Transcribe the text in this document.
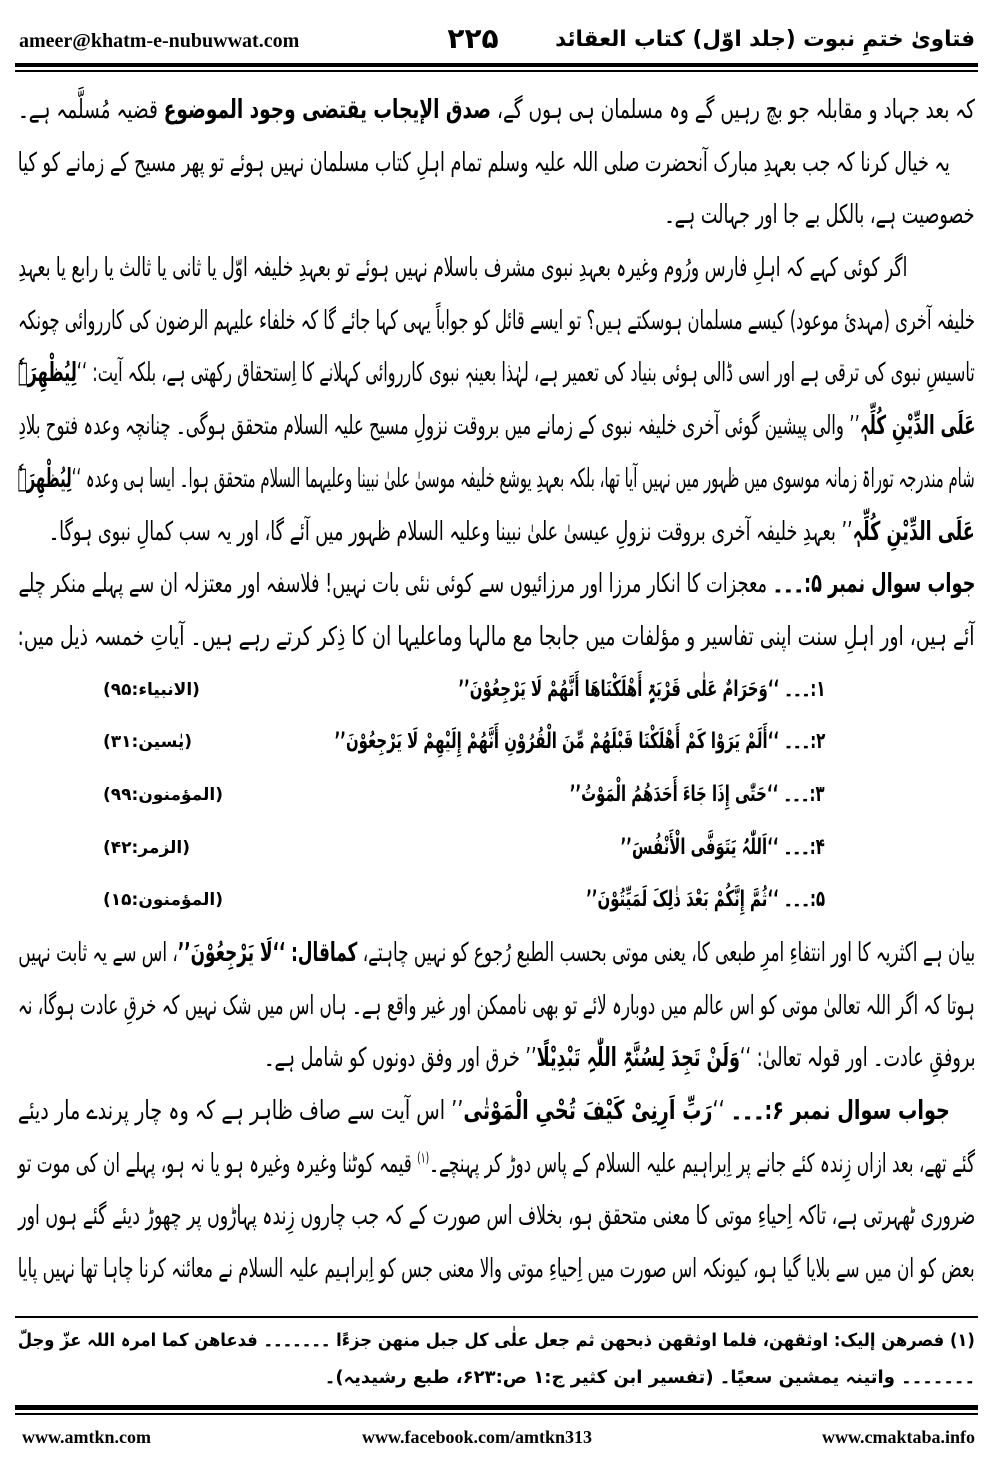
ameer@khatm-e-nubuwwat.com	۲۲۵	فتاویٰ ختمِ نبوت (جلد اوّل) کتاب العقائد
کہ بعد جہاد و مقابلہ جو بچ رہیں گے وہ مسلمان ہی ہوں گے، صدق الإیجاب یقتضی وجود الموضوع قضیہ مُسلَّمہ ہے۔
یہ خیال کرنا کہ جب بعہدِ مبارک آنحضرت صلی اللہ علیہ وسلم تمام اہلِ کتاب مسلمان نہیں ہوئے تو پھر مسیح کے زمانے کو کیا
خصوصیت ہے، بالکل بے جا اور جہالت ہے۔
اگر کوئی کہے کہ اہلِ فارس ورُوم وغیرہ بعہدِ نبوی مشرف باسلام نہیں ہوئے تو بعہدِ خلیفہ اوّل یا ثانی یا ثالث یا رابع یا بعہدِ
خلیفہ آخری (مہدیٔ موعود) کیسے مسلمان ہوسکتے ہیں؟ تو ایسے قائل کو جواباً یہی کہا جائے گا کہ خلفاء علیہم الرضون کی کارروائی چونکہ
تاسیسِ نبوی کی ترقی ہے اور اسی ڈالی ہوئی بنیاد کی تعمیر ہے، لہٰذا بعینہٖ نبوی کارروائی کہلانے کا اِستحقاق رکھتی ہے، بلکہ آیت: ‘‘لِیُظْھِرَہٗ
عَلَی الدِّیْنِ کُلِّہٖ’’ والی پیشین گوئی آخری خلیفہ نبوی کے زمانے میں بروقت نزولِ مسیح علیہ السلام متحقق ہوگی۔ چنانچہ وعدہ فتوح بلادِ
شام مندرجہ توراۃ زمانہ موسوی میں ظہور میں نہیں آیا تھا، بلکہ بعہدِ یوشع خلیفہ موسیٰ علیٰ نبینا وعلیہما السلام متحقق ہوا۔ ایسا ہی وعدہ ‘‘لِیُظْھِرَہٗ
عَلَی الدِّیْنِ کُلِّہٖ’’ بعہدِ خلیفہ آخری بروقت نزولِ عیسیٰ علیٰ نبینا وعلیہ السلام ظہور میں آئے گا، اور یہ سب کمالِ نبوی ہوگا۔
جواب سوال نمبر ۵:۔۔۔ معجزات کا انکار مرزا اور مرزائیوں سے کوئی نئی بات نہیں! فلاسفہ اور معتزلہ ان سے پہلے منکر چلے
آئے ہیں، اور اہلِ سنت اپنی تفاسیر و مؤلفات میں جابجا مع مالہا وماعلیہا ان کا ذِکر کرتے رہے ہیں۔ آیاتِ خمسہ ذیل میں:
۱:۔۔۔ ‘‘وَحَرَامٌ عَلٰی قَرْیَۃٍ أَھْلَکْنَاھَا أَنَّھُمْ لَا یَرْجِعُوْنَ’’
(الانبیاء:۹۵)
۲:۔۔۔ ‘‘أَلَمْ یَرَوْا کَمْ أَھْلَکْنَا قَبْلَھُمْ مِّنَ الْقُرُوْنِ أَنَّھُمْ إِلَیْھِمْ لَا یَرْجِعُوْنَ’’
(یٰسین:۳۱)
۳:۔۔۔ ‘‘حَتّٰی إِذَا جَاءَ أَحَدَھُمُ الْمَوْتُ’’
(المؤمنون:۹۹)
۴:۔۔۔ ‘‘اَللّٰہُ یَتَوَفَّی الْأَنْفُسَ’’
(الزمر:۴۲)
۵:۔۔۔ ‘‘ثُمَّ إِنَّکُمْ بَعْدَ ذٰلِکَ لَمَیِّتُوْنَ’’
(المؤمنون:۱۵)
بیان ہے اکثریہ کا اور انتفاءِ امرِ طبعی کا، یعنی موتی بحسب الطبع رُجوع کو نہیں چاہتے، کماقال: ‘‘لَا یَرْجِعُوْنَ’’، اس سے یہ ثابت نہیں
ہوتا کہ اگر اللہ تعالیٰ موتی کو اس عالم میں دوبارہ لائے تو بھی ناممکن اور غیر واقع ہے۔ ہاں اس میں شک نہیں کہ خرقِ عادت ہوگا، نہ
بروفقِ عادت۔ اور قولہ تعالیٰ: ‘‘وَلَنْ تَجِدَ لِسُنَّۃِ اللّٰہِ تَبْدِیْلًا’’ خرق اور وفق دونوں کو شامل ہے۔
جواب سوال نمبر ۶:۔۔۔ ‘‘رَبِّ اَرِنِیْ کَیْفَ تُحْیِ الْمَوْتٰی’’ اس آیت سے صاف ظاہر ہے کہ وہ چار پرندے مار دیئے
گئے تھے، بعد ازاں زِندہ کئے جانے پر اِبراہیم علیہ السلام کے پاس دوڑ کر پہنچے۔$^{(۱)}$ قیمہ کوٹنا وغیرہ وغیرہ ہو یا نہ ہو، پہلے ان کی موت تو
ضروری ٹھہرتی ہے، تاکہ اِحیاءِ موتی کا معنی متحقق ہو، بخلاف اس صورت کے کہ جب چاروں زِندہ پہاڑوں پر چھوڑ دیئے گئے ہوں اور
بعض کو ان میں سے بلایا گیا ہو، کیونکہ اس صورت میں اِحیاءِ موتی والا معنی جس کو اِبراہیم علیہ السلام نے معائنہ کرنا چاہا تھا نہیں پایا
(۱) فصرھن إلیک: اوثقھن، فلما اوثقھن ذبحھن ثم جعل علٰی کل جبل منھن جزءًا ۔۔۔۔۔۔۔ فدعاھن کما امرہ اللہ عزّ وجلّ
۔۔۔۔۔۔۔ واتینہ یمشین سعیًا۔ (تفسیر ابن کثیر ج:۱ ص:۶۲۳، طبع رشیدیہ)۔
www.amtkn.com	www.facebook.com/amtkn313	www.cmaktaba.info
